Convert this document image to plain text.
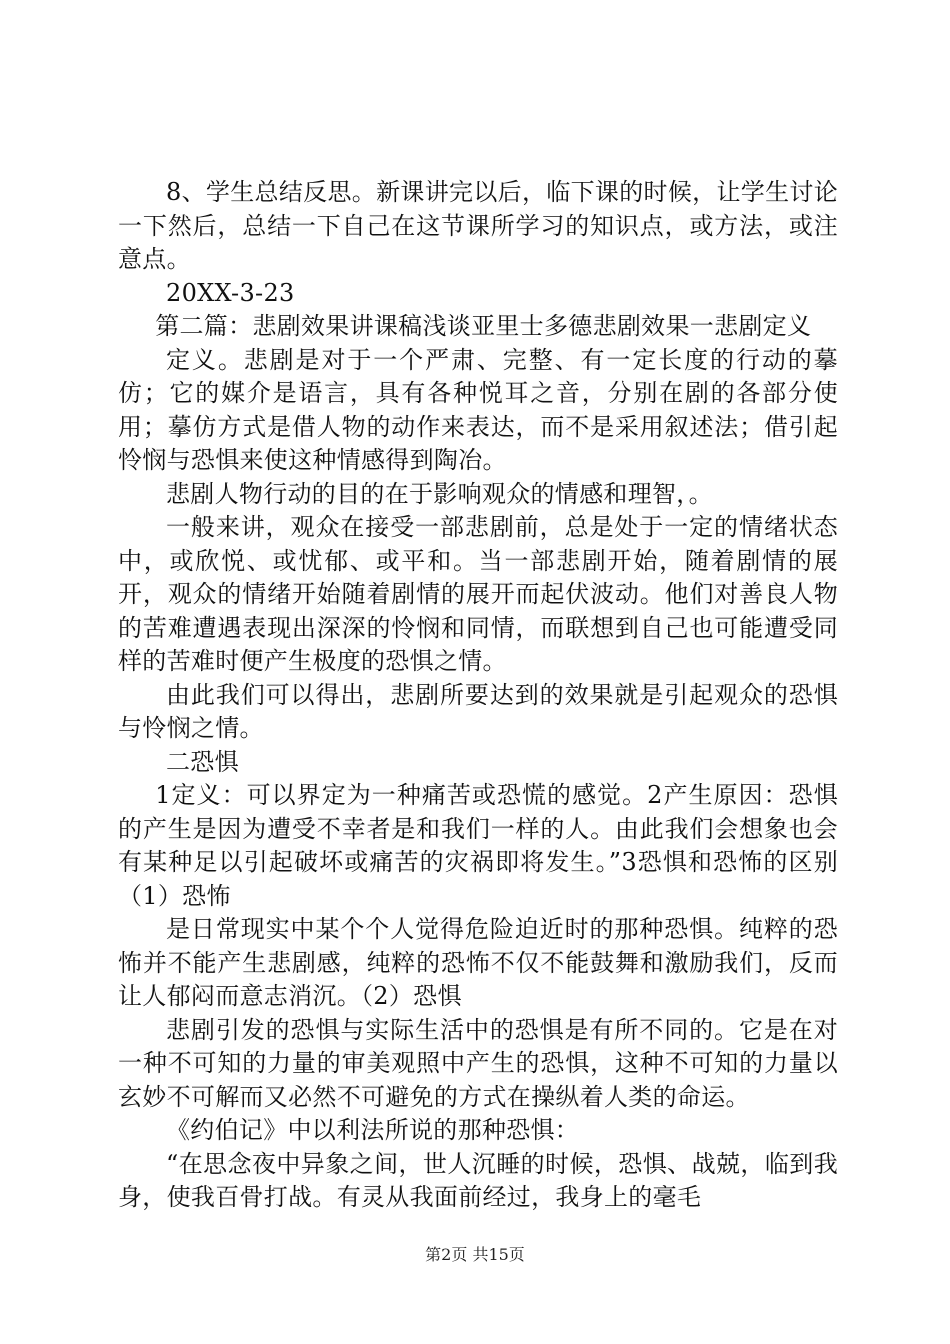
8、学生总结反思。新课讲完以后，临下课的时候，让学生讨论一下然后，总结一下自己在这节课所学习的知识点，或方法，或注意点。

20XX-3-23

第二篇：悲剧效果讲课稿浅谈亚里士多德悲剧效果一悲剧定义

定义。悲剧是对于一个严肃、完整、有一定长度的行动的摹仿；它的媒介是语言，具有各种悦耳之音，分别在剧的各部分使用；摹仿方式是借人物的动作来表达，而不是采用叙述法；借引起怜悯与恐惧来使这种情感得到陶冶。

悲剧人物行动的目的在于影响观众的情感和理智，。

一般来讲，观众在接受一部悲剧前，总是处于一定的情绪状态中，或欣悦、或忧郁、或平和。当一部悲剧开始，随着剧情的展开，观众的情绪开始随着剧情的展开而起伏波动。他们对善良人物的苦难遭遇表现出深深的怜悯和同情，而联想到自己也可能遭受同样的苦难时便产生极度的恐惧之情。

由此我们可以得出，悲剧所要达到的效果就是引起观众的恐惧与怜悯之情。

二恐惧

1定义：可以界定为一种痛苦或恐慌的感觉。2产生原因：恐惧的产生是因为遭受不幸者是和我们一样的人。由此我们会想象也会有某种足以引起破坏或痛苦的灾祸即将发生。”3恐惧和恐怖的区别（1）恐怖

是日常现实中某个个人觉得危险迫近时的那种恐惧。纯粹的恐怖并不能产生悲剧感，纯粹的恐怖不仅不能鼓舞和激励我们，反而让人郁闷而意志消沉。（2）恐惧

悲剧引发的恐惧与实际生活中的恐惧是有所不同的。它是在对一种不可知的力量的审美观照中产生的恐惧，这种不可知的力量以玄妙不可解而又必然不可避免的方式在操纵着人类的命运。

《约伯记》中以利法所说的那种恐惧：

“在思念夜中异象之间，世人沉睡的时候，恐惧、战兢，临到我身，使我百骨打战。有灵从我面前经过，我身上的毫毛

第2页 共15页
